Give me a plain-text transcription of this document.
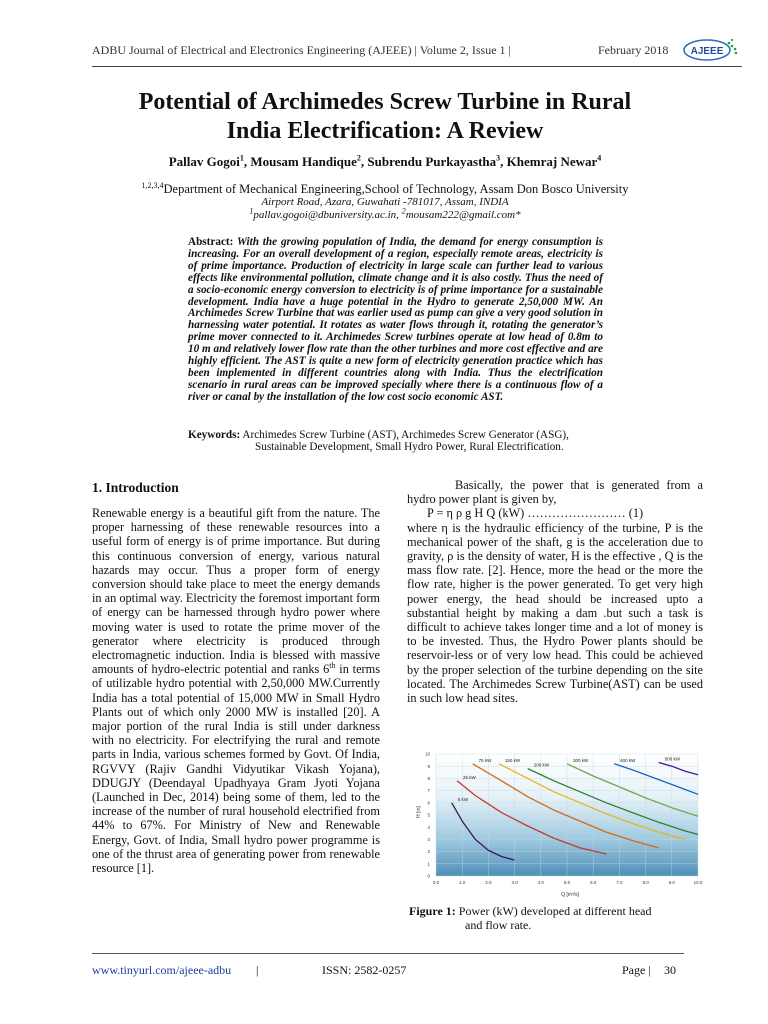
ADBU Journal of Electrical and Electronics Engineering (AJEEE) | Volume 2, Issue 1 |	February 2018 AJEEE
Potential of Archimedes Screw Turbine in Rural
India Electrification: A Review
Pallav Gogoi$^1$, Mousam Handique$^2$, Subrendu Purkayastha$^3$, Khemraj Newar$^4$
$^{1,2,3,4}$Department of Mechanical Engineering,School of Technology, Assam Don Bosco University
Airport Road, Azara, Guwahati -781017, Assam, INDIA
$^1$pallav.gogoi@dbuniversity.ac.in, $^2$mousam222@gmail.com*
Abstract: With the growing population of India, the demand for energy consumption is increasing. For an overall development of a region, especially remote areas, electricity is of prime importance. Production of electricity in large scale can further lead to various effects like environmental pollution, climate change and it is also costly. Thus the need of a socio-economic energy conversion to electricity is of prime importance for a sustainable development. India have a huge potential in the Hydro to generate 2,50,000 MW. An Archimedes Screw Turbine that was earlier used as pump can give a very good solution in harnessing water potential. It rotates as water flows through it, rotating the generator’s prime mover connected to it. Archimedes Screw turbines operate at low head of 0.8m to 10 m and relatively lower flow rate than the other turbines and more cost effective and are highly efficient. The AST is quite a new form of electricity generation practice which has been implemented in different countries along with India. Thus the electrification scenario in rural areas can be improved specially where there is a continuous flow of a river or canal by the installation of the low cost socio economic AST.
Keywords: Archimedes Screw Turbine (AST), Archimedes Screw Generator (ASG),
Sustainable Development, Small Hydro Power, Rural Electrification.
1. Introduction
Renewable energy is a beautiful gift from the nature. The proper harnessing of these renewable resources into a useful form of energy is of prime importance. But during this continuous conversion of energy, various natural hazards may occur. Thus a proper form of energy conversion should take place to meet the energy demands in an optimal way. Electricity the foremost important form of energy can be harnessed through hydro power where moving water is used to rotate the prime mover of the generator where electricity is produced through electromagnetic induction. India is blessed with massive amounts of hydro-electric potential and ranks 6th in terms of utilizable hydro potential with 2,50,000 MW.Currently India has a total potential of 15,000 MW in Small Hydro Plants out of which only 2000 MW is installed [20]. A major portion of the rural India is still under darkness with no electricity. For electrifying the rural and remote parts in India, various schemes formed by Govt. Of India, RGVVY (Rajiv Gandhi Vidyutikar Vikash Yojana), DDUGJY (Deendayal Upadhyaya Gram Jyoti Yojana (Launched in Dec, 2014) being some of them, led to the increase of the number of rural household electrified from 44% to 67%. For Ministry of New and Renewable Energy, Govt. of India, Small hydro power programme is one of the thrust area of generating power from renewable resource [1].
Basically, the power that is generated from a hydro power plant is given by,
P = η ρ g H Q (kW) …………………… (1)
where η is the hydraulic efficiency of the turbine, P is the mechanical power of the shaft, g is the acceleration due to gravity, ρ is the density of water, H is the effective , Q is the mass flow rate. [2]. Hence, more the head or the more the flow rate, higher is the power generated. To get very high power energy, the head should be increased upto a substantial height by making a dam .but such a task is difficult to achieve takes longer time and a lot of money is to be invested. Thus, the Hydro Power plants should be reservoir-less or of very low head. This could be achieved by the proper selection of the turbine depending on the site located. The Archimedes Screw Turbine(AST) can be used in such low head sites.
0
1
2
3
4
5
6
7
8
9
10
0.0	1.0	2.0	3.0	4.0	5.0	6.0	7.0	8.0	9.0	10.0
5 kW
25 kW
75 kW	150 kW
200 kW
300 kW	400 kW	500 kW
H [m]
Q [m³/s]
Figure 1: Power (kW) developed at different head
and flow rate.
www.tinyurl.com/ajeee-adbu |	ISSN: 2582-0257	Page | 30
